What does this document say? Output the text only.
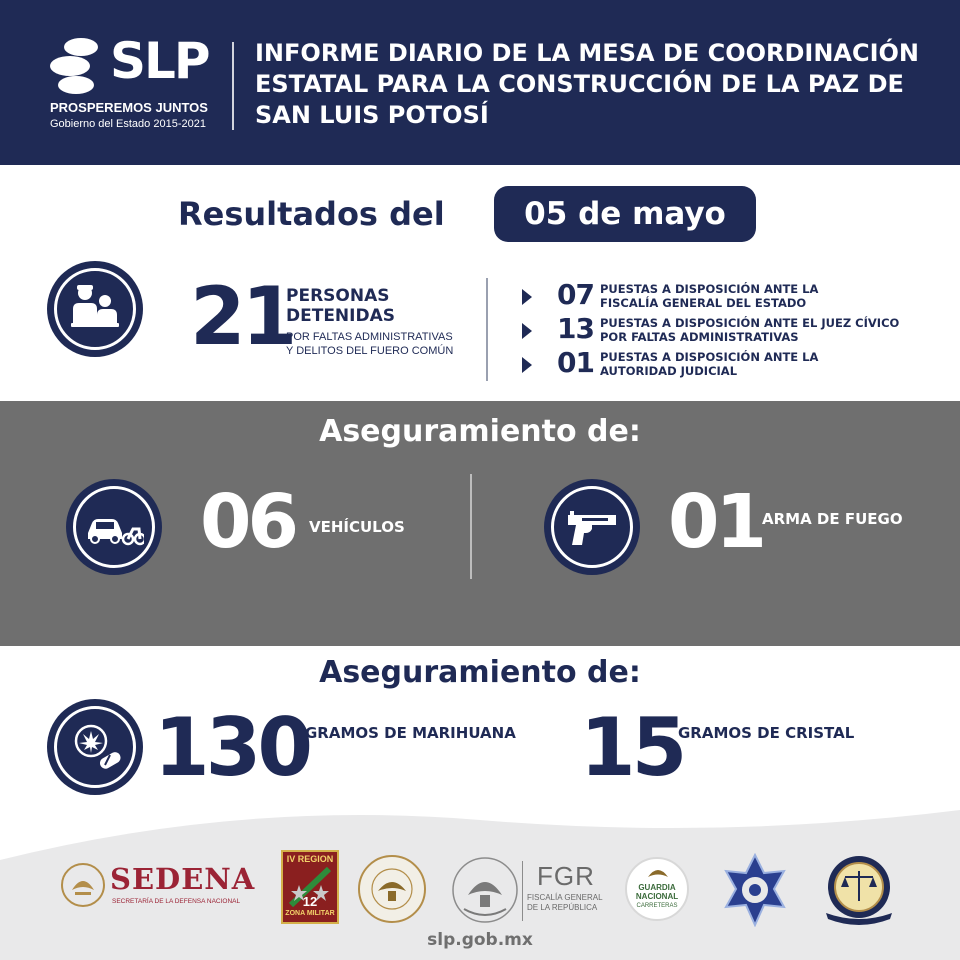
SLP
PROSPEREMOS JUNTOS
Gobierno del Estado 2015-2021
INFORME DIARIO DE LA MESA DE COORDINACIÓN ESTATAL PARA LA CONSTRUCCIÓN DE LA PAZ DE SAN LUIS POTOSÍ
Resultados del	05 de mayo
21
PERSONAS
DETENIDAS
POR FALTAS ADMINISTRATIVAS
Y DELITOS DEL FUERO COMÚN
07 PUESTAS A DISPOSICIÓN ANTE LA
FISCALÍA GENERAL DEL ESTADO
13 PUESTAS A DISPOSICIÓN ANTE EL JUEZ CÍVICO
POR FALTAS ADMINISTRATIVAS
01 PUESTAS A DISPOSICIÓN ANTE LA
AUTORIDAD JUDICIAL
Aseguramiento de:
06 VEHÍCULOS	01 ARMA DE FUEGO
Aseguramiento de:
130
GRAMOS DE MARIHUANA 15
GRAMOS DE CRISTAL
SEDENA
SECRETARÍA DE LA DEFENSA NACIONAL
IV REGION
12
ZONA MILITAR
FGR
FISCALÍA GENERAL
DE LA REPÚBLICA
GUARDIA
NACIONAL
CARRETERAS
slp.gob.mx
